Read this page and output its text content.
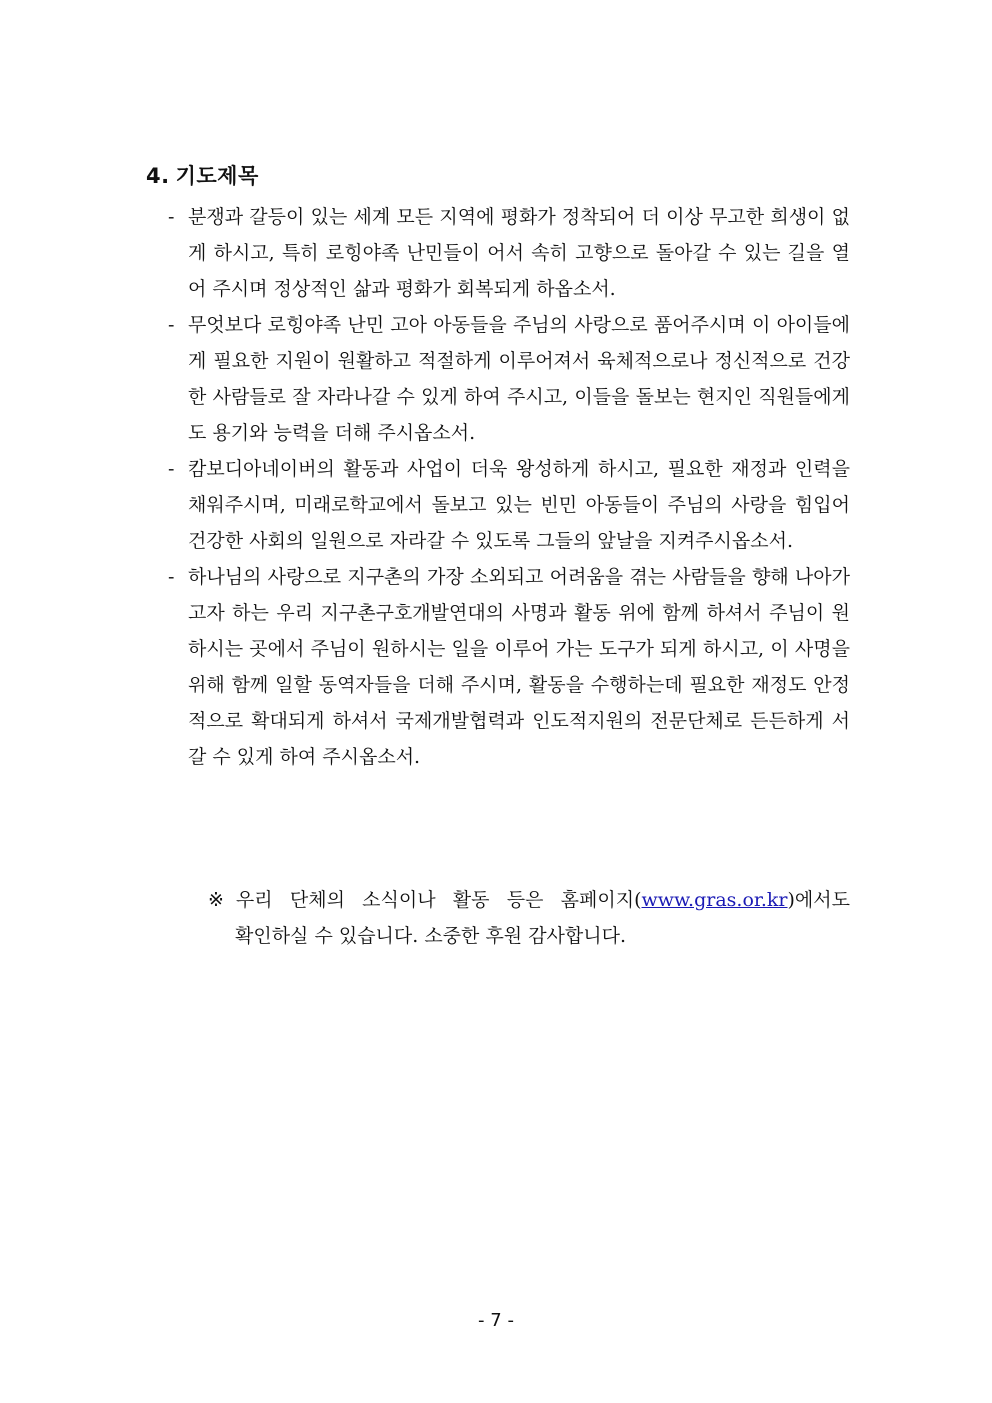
4. 기도제목
- 분쟁과 갈등이 있는 세계 모든 지역에 평화가 정착되어 더 이상 무고한 희생이 없게 하시고, 특히 로힝야족 난민들이 어서 속히 고향으로 돌아갈 수 있는 길을 열어 주시며 정상적인 삶과 평화가 회복되게 하옵소서.
- 무엇보다 로힝야족 난민 고아 아동들을 주님의 사랑으로 품어주시며 이 아이들에게 필요한 지원이 원활하고 적절하게 이루어져서 육체적으로나 정신적으로 건강한 사람들로 잘 자라나갈 수 있게 하여 주시고, 이들을 돌보는 현지인 직원들에게도 용기와 능력을 더해 주시옵소서.
- 캄보디아네이버의 활동과 사업이 더욱 왕성하게 하시고, 필요한 재정과 인력을 채워주시며, 미래로학교에서 돌보고 있는 빈민 아동들이 주님의 사랑을 힘입어 건강한 사회의 일원으로 자라갈 수 있도록 그들의 앞날을 지켜주시옵소서.
- 하나님의 사랑으로 지구촌의 가장 소외되고 어려움을 겪는 사람들을 향해 나아가고자 하는 우리 지구촌구호개발연대의 사명과 활동 위에 함께 하셔서 주님이 원하시는 곳에서 주님이 원하시는 일을 이루어 가는 도구가 되게 하시고, 이 사명을 위해 함께 일할 동역자들을 더해 주시며, 활동을 수행하는데 필요한 재정도 안정적으로 확대되게 하셔서 국제개발협력과 인도적지원의 전문단체로 든든하게 서 갈 수 있게 하여 주시옵소서.
※ 우리 단체의 소식이나 활동 등은 홈페이지(www.gras.or.kr)에서도
확인하실 수 있습니다. 소중한 후원 감사합니다.
- 7 -
